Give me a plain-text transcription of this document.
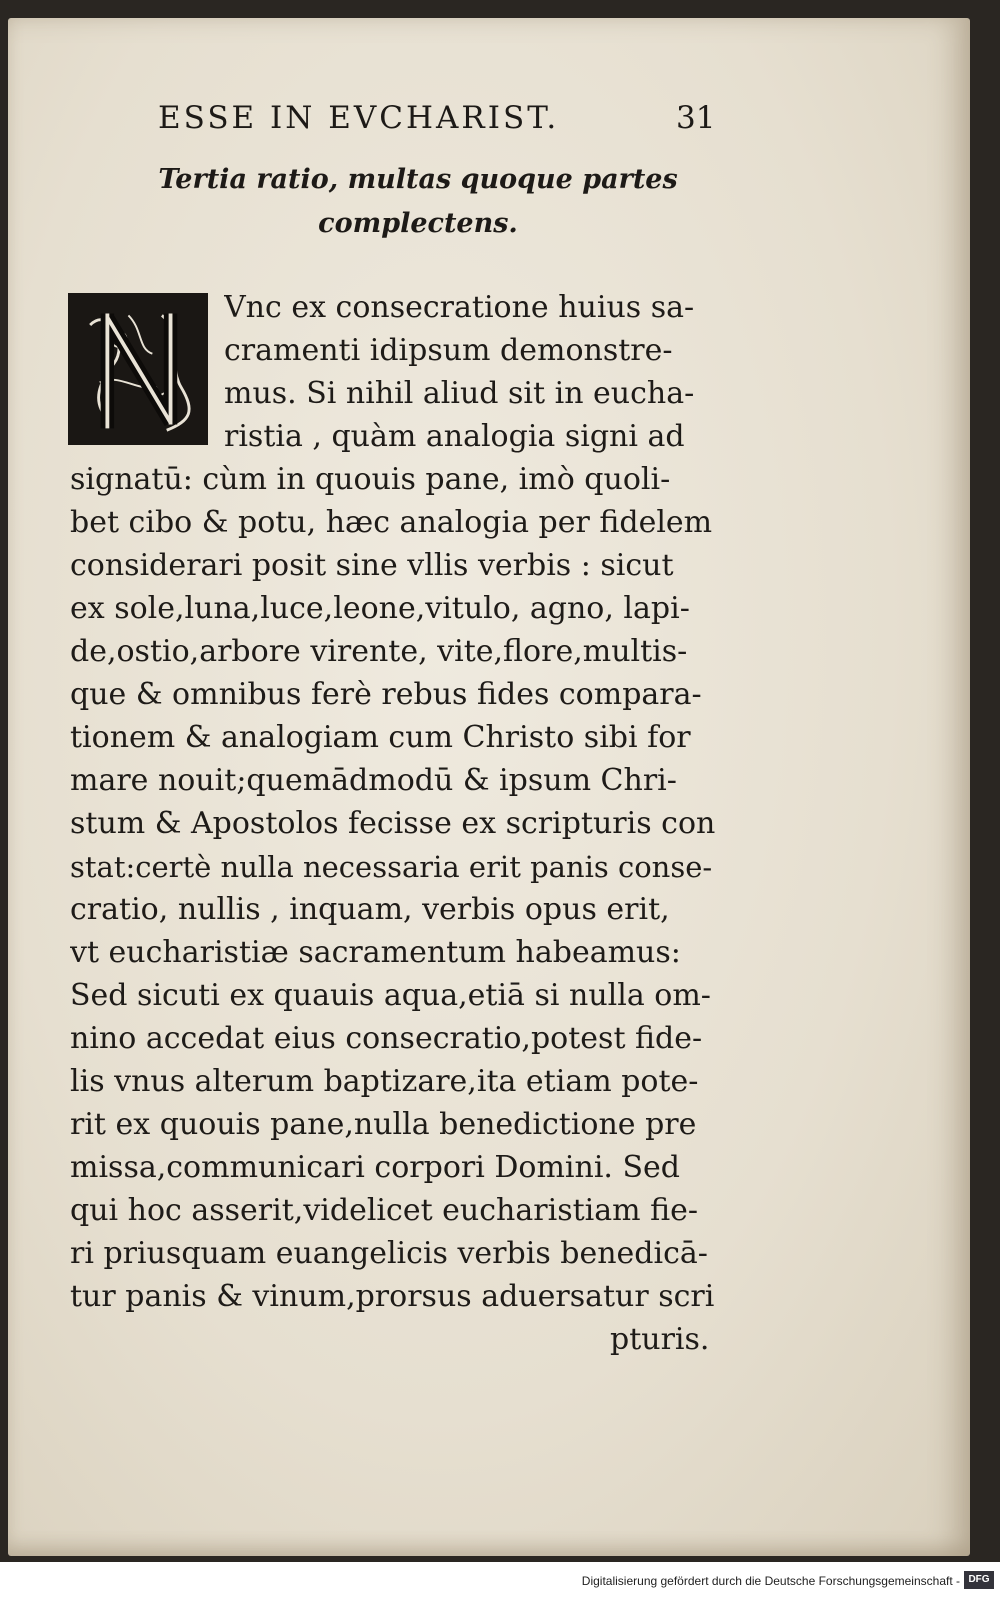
ESSE IN EVCHARIST.	31
Tertia ratio, multas quoque partes
complectens.
Vnc ex consecratione huius sa-
cramenti idipsum demonstre-
mus. Si nihil aliud sit in eucha-
ristia , quàm analogia signi ad
signatū: cùm in quouis pane, imò quoli-
bet cibo & potu, hæc analogia per fidelem
considerari posit sine vllis verbis : sicut
ex sole,luna,luce,leone,vitulo, agno, lapi-
de,ostio,arbore virente, vite,flore,multis-
que & omnibus ferè rebus fides compara-
tionem & analogiam cum Christo sibi for
mare nouit;quemādmodū & ipsum Chri-
stum & Apostolos fecisse ex scripturis con
stat:certè nulla necessaria erit panis conse-
cratio, nullis , inquam, verbis opus erit,
vt eucharistiæ sacramentum habeamus:
Sed sicuti ex quauis aqua,etiā si nulla om-
nino accedat eius consecratio,potest fide-
lis vnus alterum baptizare,ita etiam pote-
rit ex quouis pane,nulla benedictione pre
missa,communicari corpori Domini. Sed
qui hoc asserit,videlicet eucharistiam fie-
ri priusquam euangelicis verbis benedicā-
tur panis & vinum,prorsus aduersatur scri
pturis.
Digitalisierung gefördert durch die Deutsche Forschungsgemeinschaft - DFG
